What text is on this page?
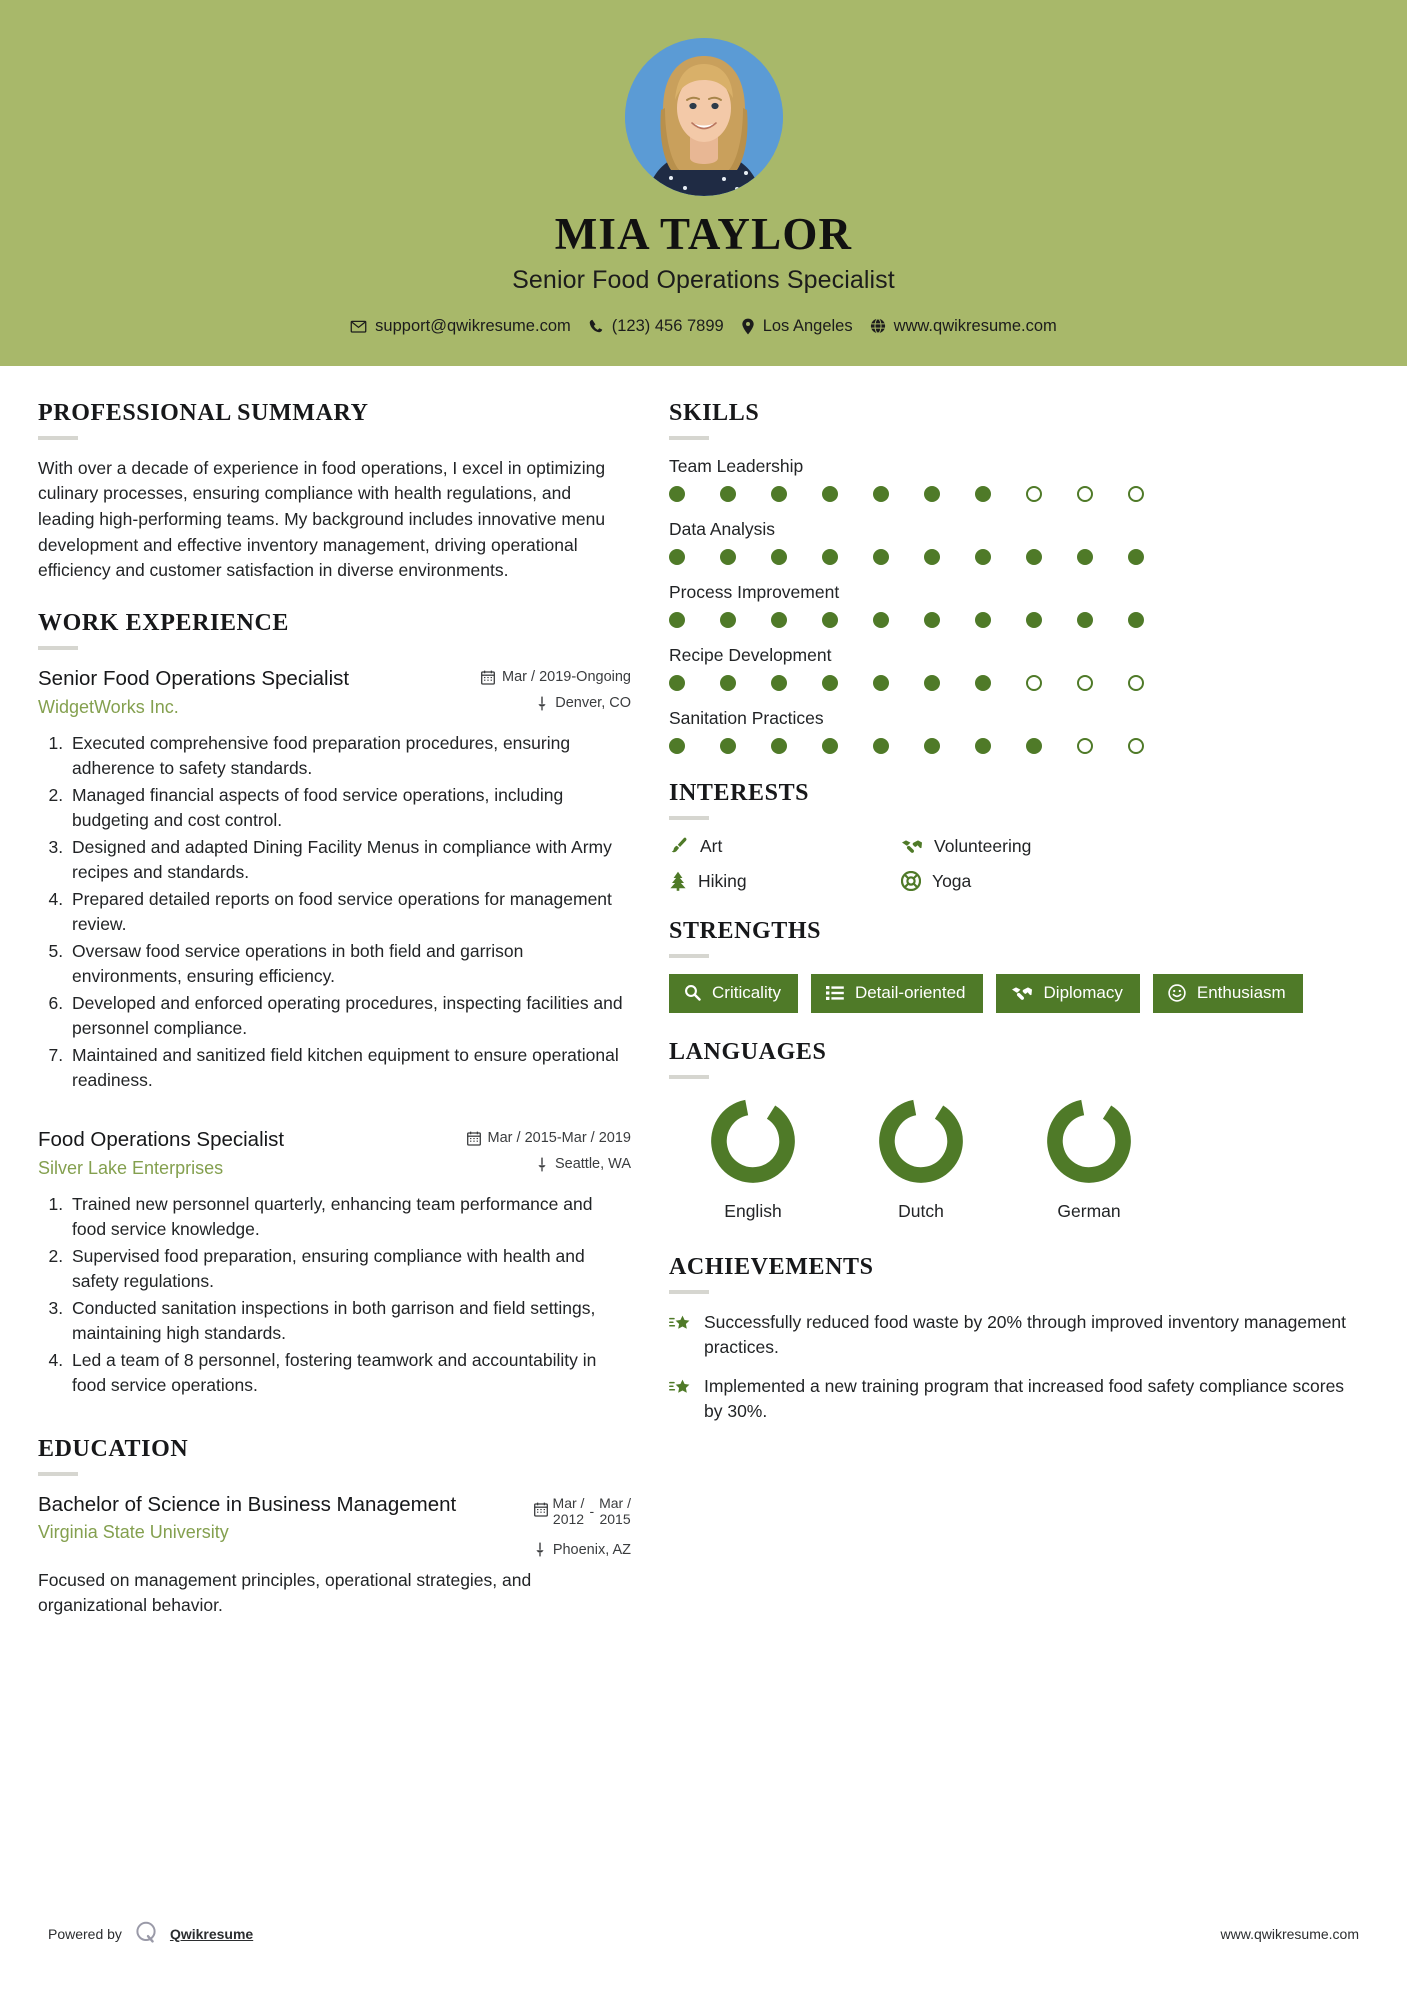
MIA TAYLOR
Senior Food Operations Specialist
support@qwikresume.com (123) 456 7899 Los Angeles www.qwikresume.com
PROFESSIONAL SUMMARY
With over a decade of experience in food operations, I excel in optimizing culinary processes, ensuring compliance with health regulations, and leading high-performing teams. My background includes innovative menu development and effective inventory management, driving operational efficiency and customer satisfaction in diverse environments.
WORK EXPERIENCE
Senior Food Operations Specialist
WidgetWorks Inc.
Mar / 2019-Ongoing
Denver, CO
1. Executed comprehensive food preparation procedures, ensuring adherence to safety standards.
2. Managed financial aspects of food service operations, including budgeting and cost control.
3. Designed and adapted Dining Facility Menus in compliance with Army recipes and standards.
4. Prepared detailed reports on food service operations for management review.
5. Oversaw food service operations in both field and garrison environments, ensuring efficiency.
6. Developed and enforced operating procedures, inspecting facilities and personnel compliance.
7. Maintained and sanitized field kitchen equipment to ensure operational readiness.
Food Operations Specialist
Silver Lake Enterprises
Mar / 2015-Mar / 2019
Seattle, WA
1. Trained new personnel quarterly, enhancing team performance and food service knowledge.
2. Supervised food preparation, ensuring compliance with health and safety regulations.
3. Conducted sanitation inspections in both garrison and field settings, maintaining high standards.
4. Led a team of 8 personnel, fostering teamwork and accountability in food service operations.
EDUCATION
Bachelor of Science in Business Management
Virginia State University
Mar /
2012 -
Mar /
2015
Phoenix, AZ
Focused on management principles, operational strategies, and organizational behavior.
SKILLS
Team Leadership
Data Analysis
Process Improvement
Recipe Development
Sanitation Practices
INTERESTS
Art	Volunteering
Hiking	Yoga
STRENGTHS
Criticality	Detail-oriented	Diplomacy	Enthusiasm
LANGUAGES
English	Dutch	German
ACHIEVEMENTS
Successfully reduced food waste by 20% through improved inventory management practices.
Implemented a new training program that increased food safety compliance scores by 30%.
Powered by	Qwikresume	www.qwikresume.com
